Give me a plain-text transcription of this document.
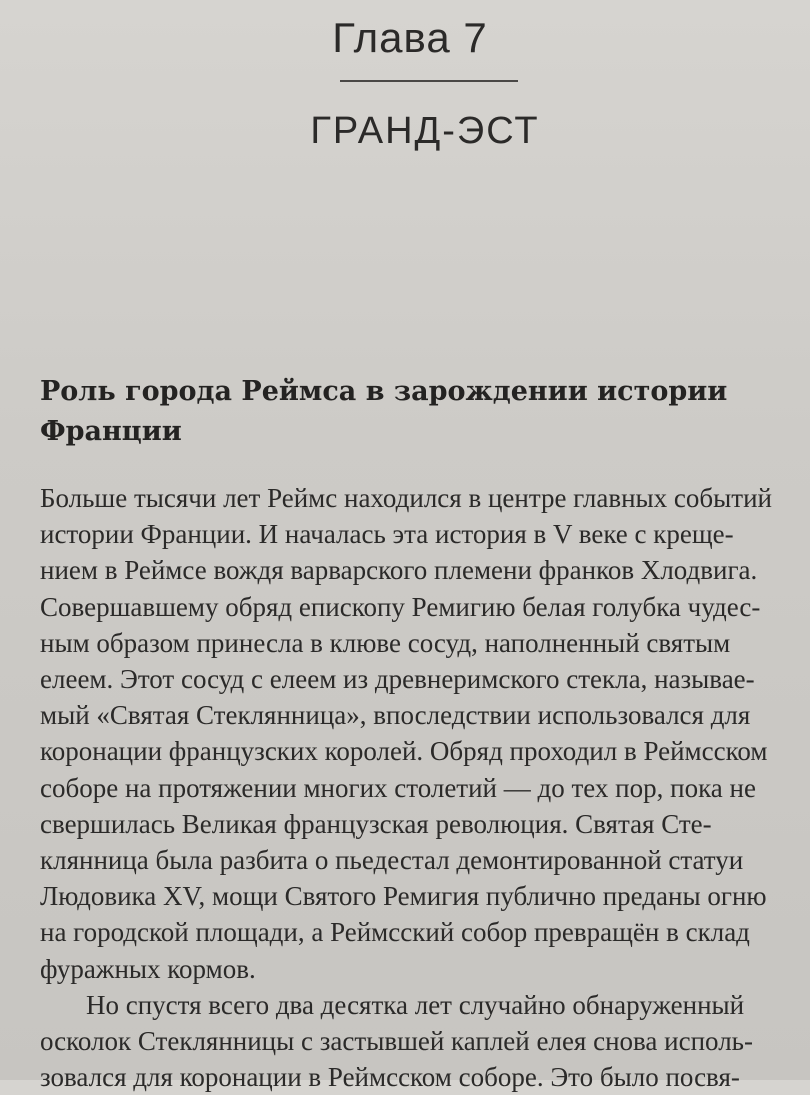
Глава 7
ГРАНД-ЭСТ
Роль города Реймса в зарождении истории
Франции
Больше тысячи лет Реймс находился в центре главных событий
истории Франции. И началась эта история в V веке с креще-
нием в Реймсе вождя варварского племени франков Хлодвига.
Совершавшему обряд епископу Ремигию белая голубка чудес-
ным образом принесла в клюве сосуд, наполненный святым
елеем. Этот сосуд с елеем из древнеримского стекла, называе-
мый «Святая Стеклянница», впоследствии использовался для
коронации французских королей. Обряд проходил в Реймсском
соборе на протяжении многих столетий — до тех пор, пока не
свершилась Великая французская революция. Святая Сте-
клянница была разбита о пьедестал демонтированной статуи
Людовика XV, мощи Святого Ремигия публично преданы огню
на городской площади, а Реймсский собор превращён в склад
фуражных кормов.
Но спустя всего два десятка лет случайно обнаруженный
осколок Стеклянницы с застывшей каплей елея снова исполь-
зовался для коронации в Реймсском соборе. Это было посвя-
